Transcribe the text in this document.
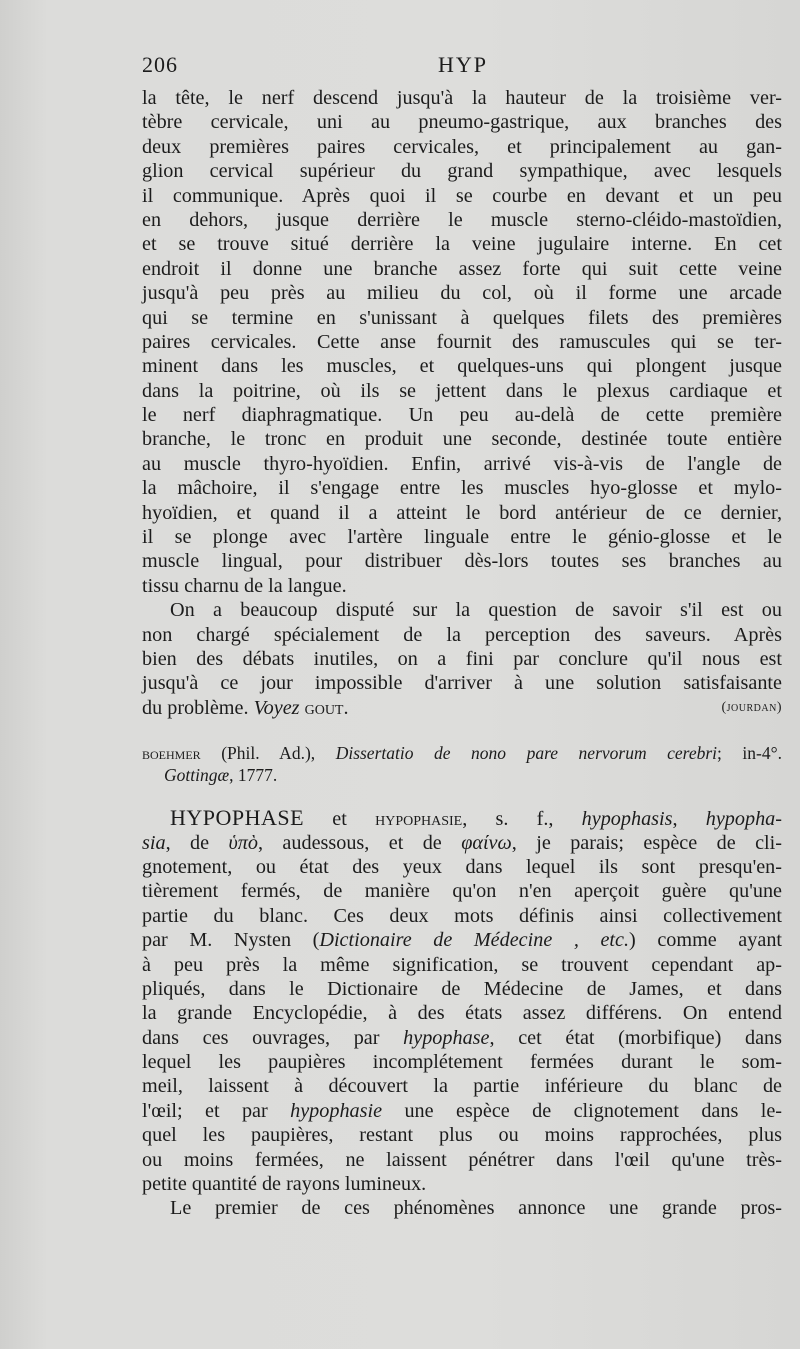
206	HYP
la tête, le nerf descend jusqu'à la hauteur de la troisième ver-
tèbre cervicale, uni au pneumo-gastrique, aux branches des
deux premières paires cervicales, et principalement au gan-
glion cervical supérieur du grand sympathique, avec lesquels
il communique. Après quoi il se courbe en devant et un peu
en dehors, jusque derrière le muscle sterno-cléido-mastoïdien,
et se trouve situé derrière la veine jugulaire interne. En cet
endroit il donne une branche assez forte qui suit cette veine
jusqu'à peu près au milieu du col, où il forme une arcade
qui se termine en s'unissant à quelques filets des premières
paires cervicales. Cette anse fournit des ramuscules qui se ter-
minent dans les muscles, et quelques-uns qui plongent jusque
dans la poitrine, où ils se jettent dans le plexus cardiaque et
le nerf diaphragmatique. Un peu au-delà de cette première
branche, le tronc en produit une seconde, destinée toute entière
au muscle thyro-hyoïdien. Enfin, arrivé vis-à-vis de l'angle de
la mâchoire, il s'engage entre les muscles hyo-glosse et mylo-
hyoïdien, et quand il a atteint le bord antérieur de ce dernier,
il se plonge avec l'artère linguale entre le génio-glosse et le
muscle lingual, pour distribuer dès-lors toutes ses branches au
tissu charnu de la langue.
On a beaucoup disputé sur la question de savoir s'il est ou
non chargé spécialement de la perception des saveurs. Après
bien des débats inutiles, on a fini par conclure qu'il nous est
jusqu'à ce jour impossible d'arriver à une solution satisfaisante
du problème. Voyez gout.	(jourdan)
boehmer (Phil. Ad.), Dissertatio de nono pare nervorum cerebri; in-4°.
Gottingæ, 1777.
HYPOPHASE et hypophasie, s. f., hypophasis, hypopha-
sia, de ὑπὸ, audessous, et de φαίνω, je parais; espèce de cli-
gnotement, ou état des yeux dans lequel ils sont presqu'en-
tièrement fermés, de manière qu'on n'en aperçoit guère qu'une
partie du blanc. Ces deux mots définis ainsi collectivement
par M. Nysten (Dictionaire de Médecine , etc.) comme ayant
à peu près la même signification, se trouvent cependant ap-
pliqués, dans le Dictionaire de Médecine de James, et dans
la grande Encyclopédie, à des états assez différens. On entend
dans ces ouvrages, par hypophase, cet état (morbifique) dans
lequel les paupières incomplétement fermées durant le som-
meil, laissent à découvert la partie inférieure du blanc de
l'œil; et par hypophasie une espèce de clignotement dans le-
quel les paupières, restant plus ou moins rapprochées, plus
ou moins fermées, ne laissent pénétrer dans l'œil qu'une très-
petite quantité de rayons lumineux.
Le premier de ces phénomènes annonce une grande pros-
